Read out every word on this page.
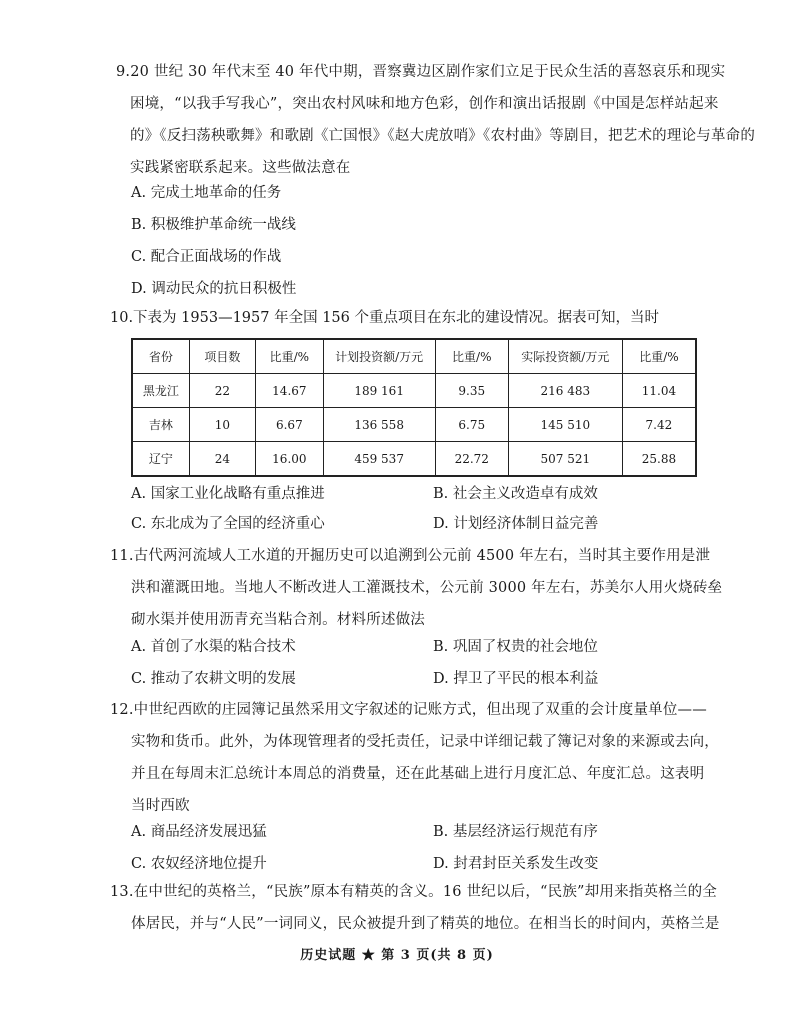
9.20 世纪 30 年代末至 40 年代中期，晋察冀边区剧作家们立足于民众生活的喜怒哀乐和现实
困境，“以我手写我心”，突出农村风味和地方色彩，创作和演出话报剧《中国是怎样站起来
的》《反扫荡秧歌舞》和歌剧《亡国恨》《赵大虎放哨》《农村曲》等剧目，把艺术的理论与革命的
实践紧密联系起来。这些做法意在
A. 完成土地革命的任务
B. 积极维护革命统一战线
C. 配合正面战场的作战
D. 调动民众的抗日积极性
10.下表为 1953—1957 年全国 156 个重点项目在东北的建设情况。据表可知，当时
省份	项目数	比重/%	计划投资额/万元	比重/%	实际投资额/万元	比重/%
黑龙江	22	14.67	189 161	9.35	216 483	11.04
吉林	10	6.67	136 558	6.75	145 510	7.42
辽宁	24	16.00	459 537	22.72	507 521	25.88
A. 国家工业化战略有重点推进	B. 社会主义改造卓有成效
C. 东北成为了全国的经济重心	D. 计划经济体制日益完善
11.古代两河流域人工水道的开掘历史可以追溯到公元前 4500 年左右，当时其主要作用是泄
洪和灌溉田地。当地人不断改进人工灌溉技术，公元前 3000 年左右，苏美尔人用火烧砖垒
砌水渠并使用沥青充当粘合剂。材料所述做法
A. 首创了水渠的粘合技术	B. 巩固了权贵的社会地位
C. 推动了农耕文明的发展	D. 捍卫了平民的根本利益
12.中世纪西欧的庄园簿记虽然采用文字叙述的记账方式，但出现了双重的会计度量单位——
实物和货币。此外，为体现管理者的受托责任，记录中详细记载了簿记对象的来源或去向，
并且在每周末汇总统计本周总的消费量，还在此基础上进行月度汇总、年度汇总。这表明
当时西欧
A. 商品经济发展迅猛	B. 基层经济运行规范有序
C. 农奴经济地位提升	D. 封君封臣关系发生改变
13.在中世纪的英格兰，“民族”原本有精英的含义。16 世纪以后，“民族”却用来指英格兰的全
体居民，并与“人民”一词同义，民众被提升到了精英的地位。在相当长的时间内，英格兰是
历史试题 ★ 第 3 页(共 8 页)
